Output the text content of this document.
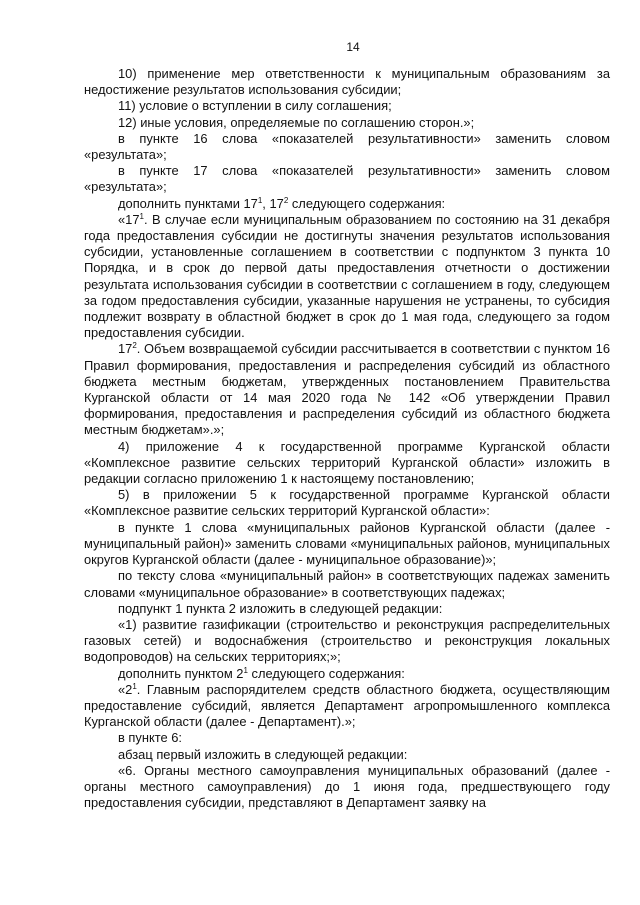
14

10) применение мер ответственности к муниципальным образованиям за недостижение результатов использования субсидии;

11) условие о вступлении в силу соглашения;

12) иные условия, определяемые по соглашению сторон.»;

в пункте 16 слова «показателей результативности» заменить словом «результата»;

в пункте 17 слова «показателей результативности» заменить словом «результата»;

дополнить пунктами $17^1$, $17^2$ следующего содержания:

«$17^1$. В случае если муниципальным образованием по состоянию на 31 декабря года предоставления субсидии не достигнуты значения результатов использования субсидии, установленные соглашением в соответствии с подпунктом 3 пункта 10 Порядка, и в срок до первой даты предоставления отчетности о достижении результата использования субсидии в соответствии с соглашением в году, следующем за годом предоставления субсидии, указанные нарушения не устранены, то субсидия подлежит возврату в областной бюджет в срок до 1 мая года, следующего за годом предоставления субсидии.

$17^2$. Объем возвращаемой субсидии рассчитывается в соответствии с пунктом 16 Правил формирования, предоставления и распределения субсидий из областного бюджета местным бюджетам, утвержденных постановлением Правительства Курганской области от 14 мая 2020 года № 142 «Об утверждении Правил формирования, предоставления и распределения субсидий из областного бюджета местным бюджетам».»;

4) приложение 4 к государственной программе Курганской области «Комплексное развитие сельских территорий Курганской области» изложить в редакции согласно приложению 1 к настоящему постановлению;

5) в приложении 5 к государственной программе Курганской области «Комплексное развитие сельских территорий Курганской области»:

в пункте 1 слова «муниципальных районов Курганской области (далее - муниципальный район)» заменить словами «муниципальных районов, муниципальных округов Курганской области (далее - муниципальное образование)»;

по тексту слова «муниципальный район» в соответствующих падежах заменить словами «муниципальное образование» в соответствующих падежах;

подпункт 1 пункта 2 изложить в следующей редакции:

«1) развитие газификации (строительство и реконструкция распределительных газовых сетей) и водоснабжения (строительство и реконструкция локальных водопроводов) на сельских территориях;»;

дополнить пунктом $2^1$ следующего содержания:

«$2^1$. Главным распорядителем средств областного бюджета, осуществляющим предоставление субсидий, является Департамент агропромышленного комплекса Курганской области (далее - Департамент).»;

в пункте 6:

абзац первый изложить в следующей редакции:

«6. Органы местного самоуправления муниципальных образований (далее - органы местного самоуправления) до 1 июня года, предшествующего году предоставления субсидии, представляют в Департамент заявку на
